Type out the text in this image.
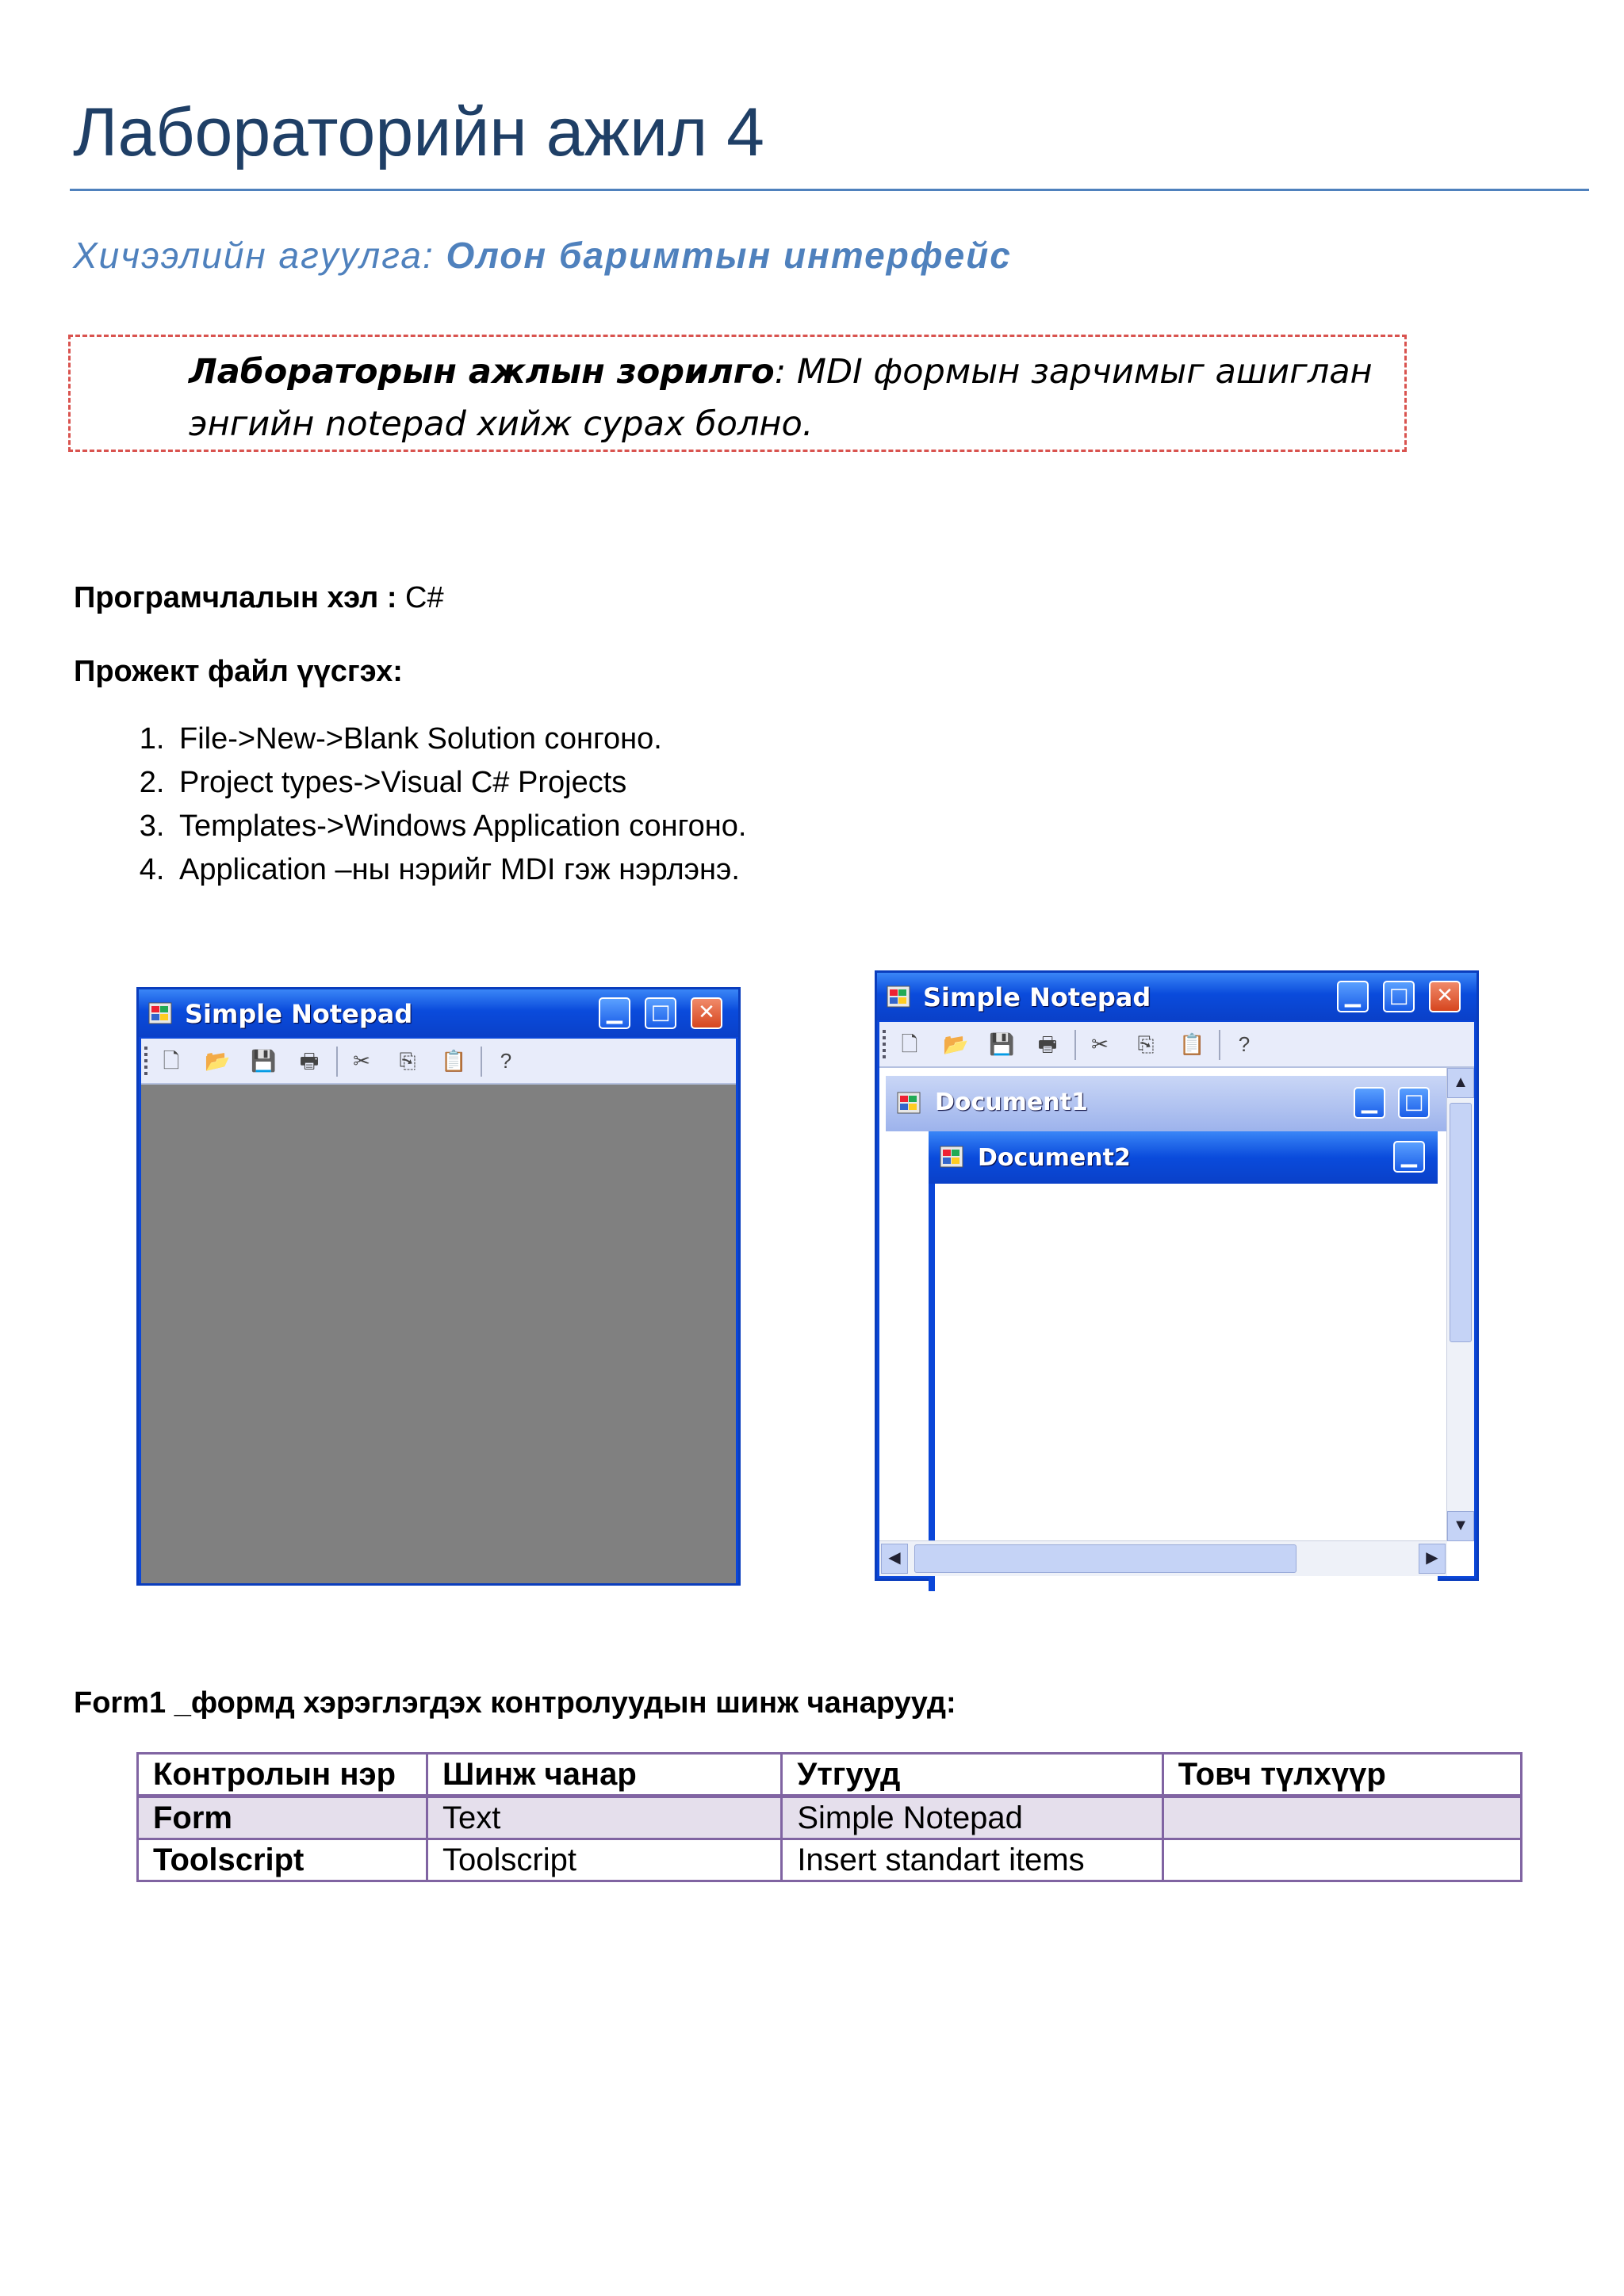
Лабораторийн ажил 4
Хичээлийн агуулга: Олон баримтын интерфейс
Лабораторын ажлын зорилго: MDI формын зарчимыг ашиглан энгийн notepad хийж сурах болно.
Програмчлалын хэл : C#
Прожект файл үүсгэх:
1. File->New->Blank Solution сонгоно.
2. Project types->Visual C# Projects
3. Templates->Windows Application сонгоно.
4. Application –ны нэрийг MDI гэж нэрлэнэ.
Simple Notepad	▁	□	✕
🗋 📂 💾 🖶 ✂ ⎘ 📋	?
Simple Notepad	▁	□	✕
🗋 📂 💾 🖶 ✂ ⎘ 📋	?
Document1	▁	□
Document2	▁
▲
▼
◀	▶
Form1 _формд хэрэглэгдэх контролуудын шинж чанарууд:
Контролын нэр	Шинж чанар	Утгууд	Товч түлхүүр
Form	Text	Simple Notepad	
Toolscript	Toolscript	Insert standart items	
